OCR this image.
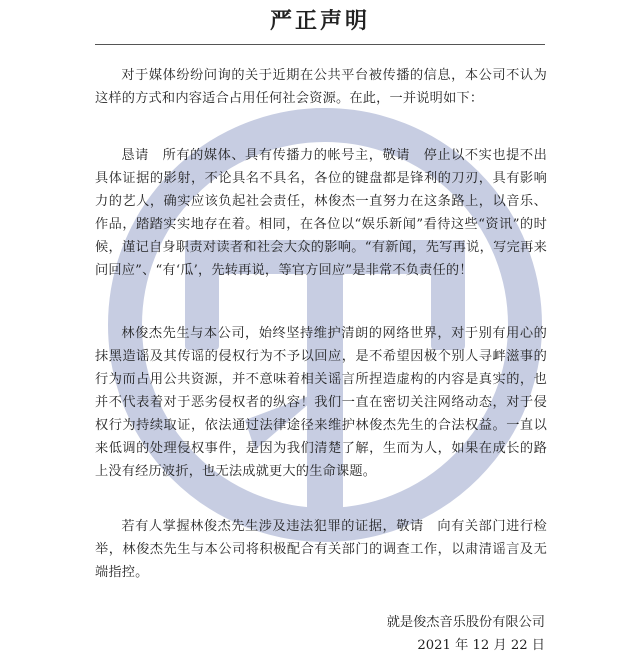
严正声明

对于媒体纷纷问询的关于近期在公共平台被传播的信息，本公司不认为这样的方式和内容适合占用任何社会资源。在此，一并说明如下：

恳请　所有的媒体、具有传播力的帐号主，敬请　停止以不实也提不出具体证据的影射，不论具名不具名，各位的键盘都是锋利的刀刃，具有影响力的艺人，确实应该负起社会责任，林俊杰一直努力在这条路上，以音乐、作品，踏踏实实地存在着。相同，在各位以“娱乐新闻”看待这些“资讯”的时候，谨记自身职责对读者和社会大众的影响。“有新闻，先写再说，写完再来问回应”、“有‘瓜’，先转再说，等官方回应”是非常不负责任的！

林俊杰先生与本公司，始终坚持维护清朗的网络世界，对于别有用心的抹黑造谣及其传谣的侵权行为不予以回应，是不希望因极个别人寻衅滋事的行为而占用公共资源，并不意味着相关谣言所捏造虚构的内容是真实的，也并不代表着对于恶劣侵权者的纵容！我们一直在密切关注网络动态，对于侵权行为持续取证，依法通过法律途径来维护林俊杰先生的合法权益。一直以来低调的处理侵权事件，是因为我们清楚了解，生而为人，如果在成长的路上没有经历波折，也无法成就更大的生命课题。

若有人掌握林俊杰先生涉及违法犯罪的证据，敬请　向有关部门进行检举，林俊杰先生与本公司将积极配合有关部门的调查工作，以肃清谣言及无端指控。

就是俊杰音乐股份有限公司
2021 年 12 月 22 日
